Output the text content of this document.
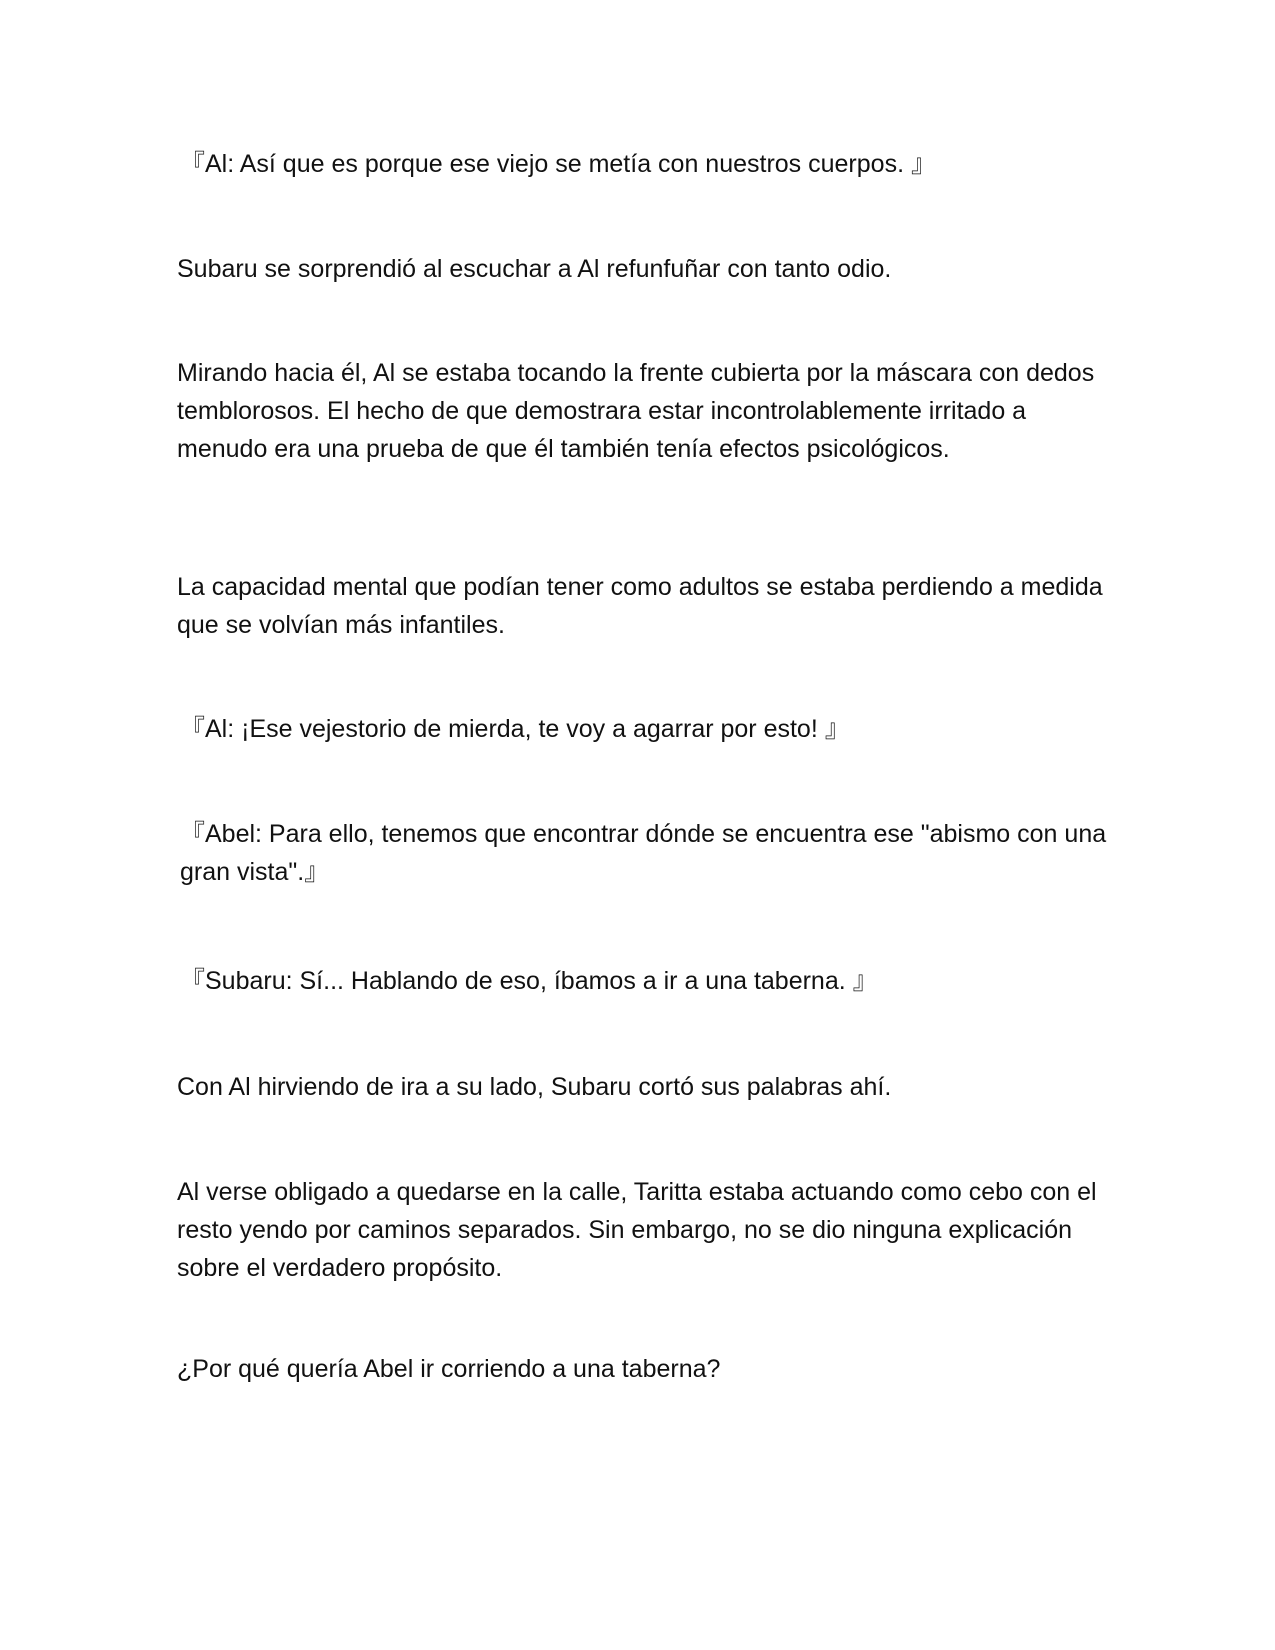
『Al: Así que es porque ese viejo se metía con nuestros cuerpos. 』

Subaru se sorprendió al escuchar a Al refunfuñar con tanto odio.

Mirando hacia él, Al se estaba tocando la frente cubierta por la máscara con dedos temblorosos. El hecho de que demostrara estar incontrolablemente irritado a menudo era una prueba de que él también tenía efectos psicológicos.

La capacidad mental que podían tener como adultos se estaba perdiendo a medida que se volvían más infantiles.

『Al: ¡Ese vejestorio de mierda, te voy a agarrar por esto! 』

『Abel: Para ello, tenemos que encontrar dónde se encuentra ese "abismo con una gran vista".』

『Subaru: Sí... Hablando de eso, íbamos a ir a una taberna. 』

Con Al hirviendo de ira a su lado, Subaru cortó sus palabras ahí.

Al verse obligado a quedarse en la calle, Taritta estaba actuando como cebo con el resto yendo por caminos separados. Sin embargo, no se dio ninguna explicación sobre el verdadero propósito.

¿Por qué quería Abel ir corriendo a una taberna?
